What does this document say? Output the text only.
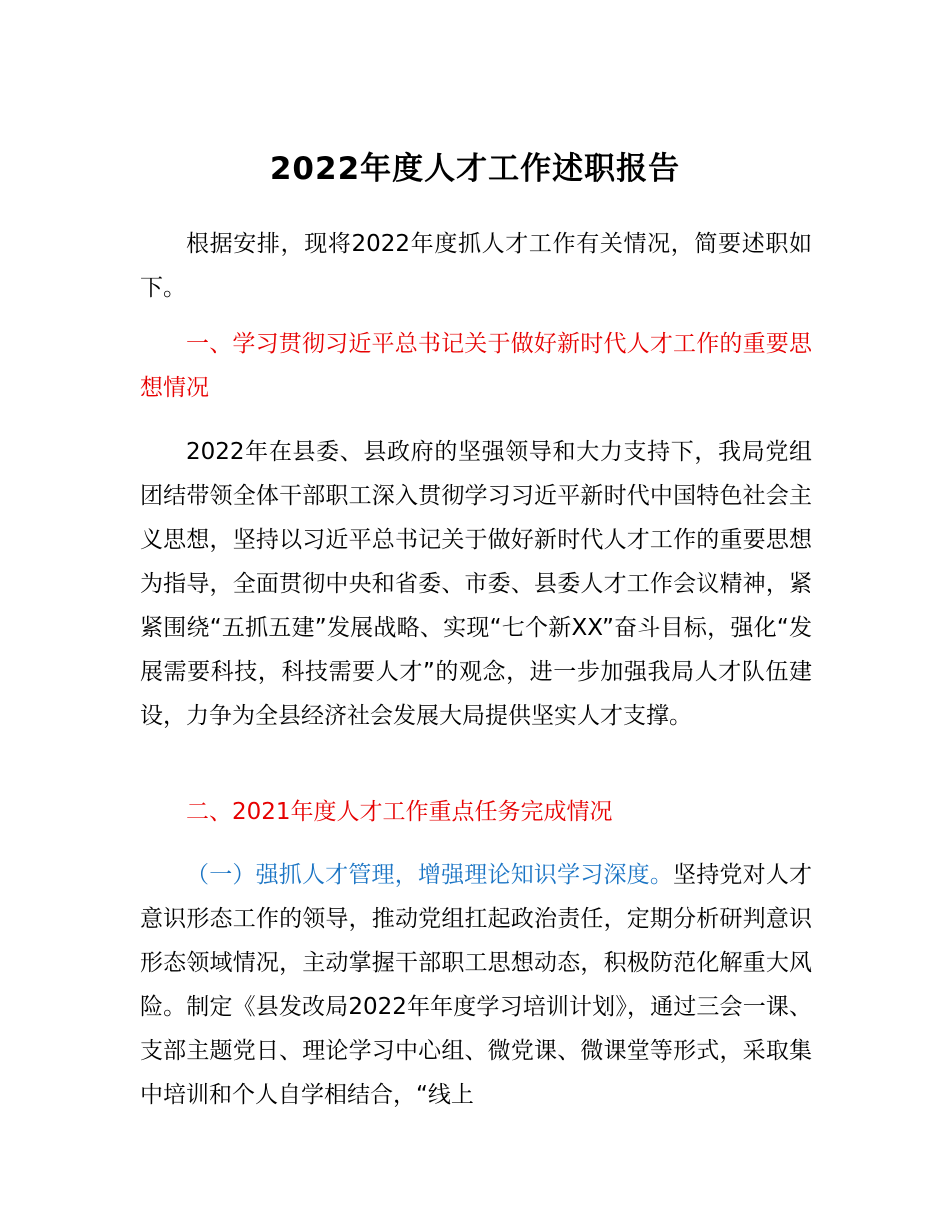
2022年度人才工作述职报告

根据安排，现将2022年度抓人才工作有关情况，简要述职如下。

一、学习贯彻习近平总书记关于做好新时代人才工作的重要思想情况

2022年在县委、县政府的坚强领导和大力支持下，我局党组团结带领全体干部职工深入贯彻学习习近平新时代中国特色社会主义思想，坚持以习近平总书记关于做好新时代人才工作的重要思想为指导，全面贯彻中央和省委、市委、县委人才工作会议精神，紧紧围绕“五抓五建”发展战略、实现“七个新XX”奋斗目标，强化“发展需要科技，科技需要人才”的观念，进一步加强我局人才队伍建设，力争为全县经济社会发展大局提供坚实人才支撑。

二、2021年度人才工作重点任务完成情况

（一）强抓人才管理，增强理论知识学习深度。坚持党对人才意识形态工作的领导，推动党组扛起政治责任，定期分析研判意识形态领域情况，主动掌握干部职工思想动态，积极防范化解重大风险。制定《县发改局2022年年度学习培训计划》，通过三会一课、支部主题党日、理论学习中心组、微党课、微课堂等形式，采取集中培训和个人自学相结合，“线上
